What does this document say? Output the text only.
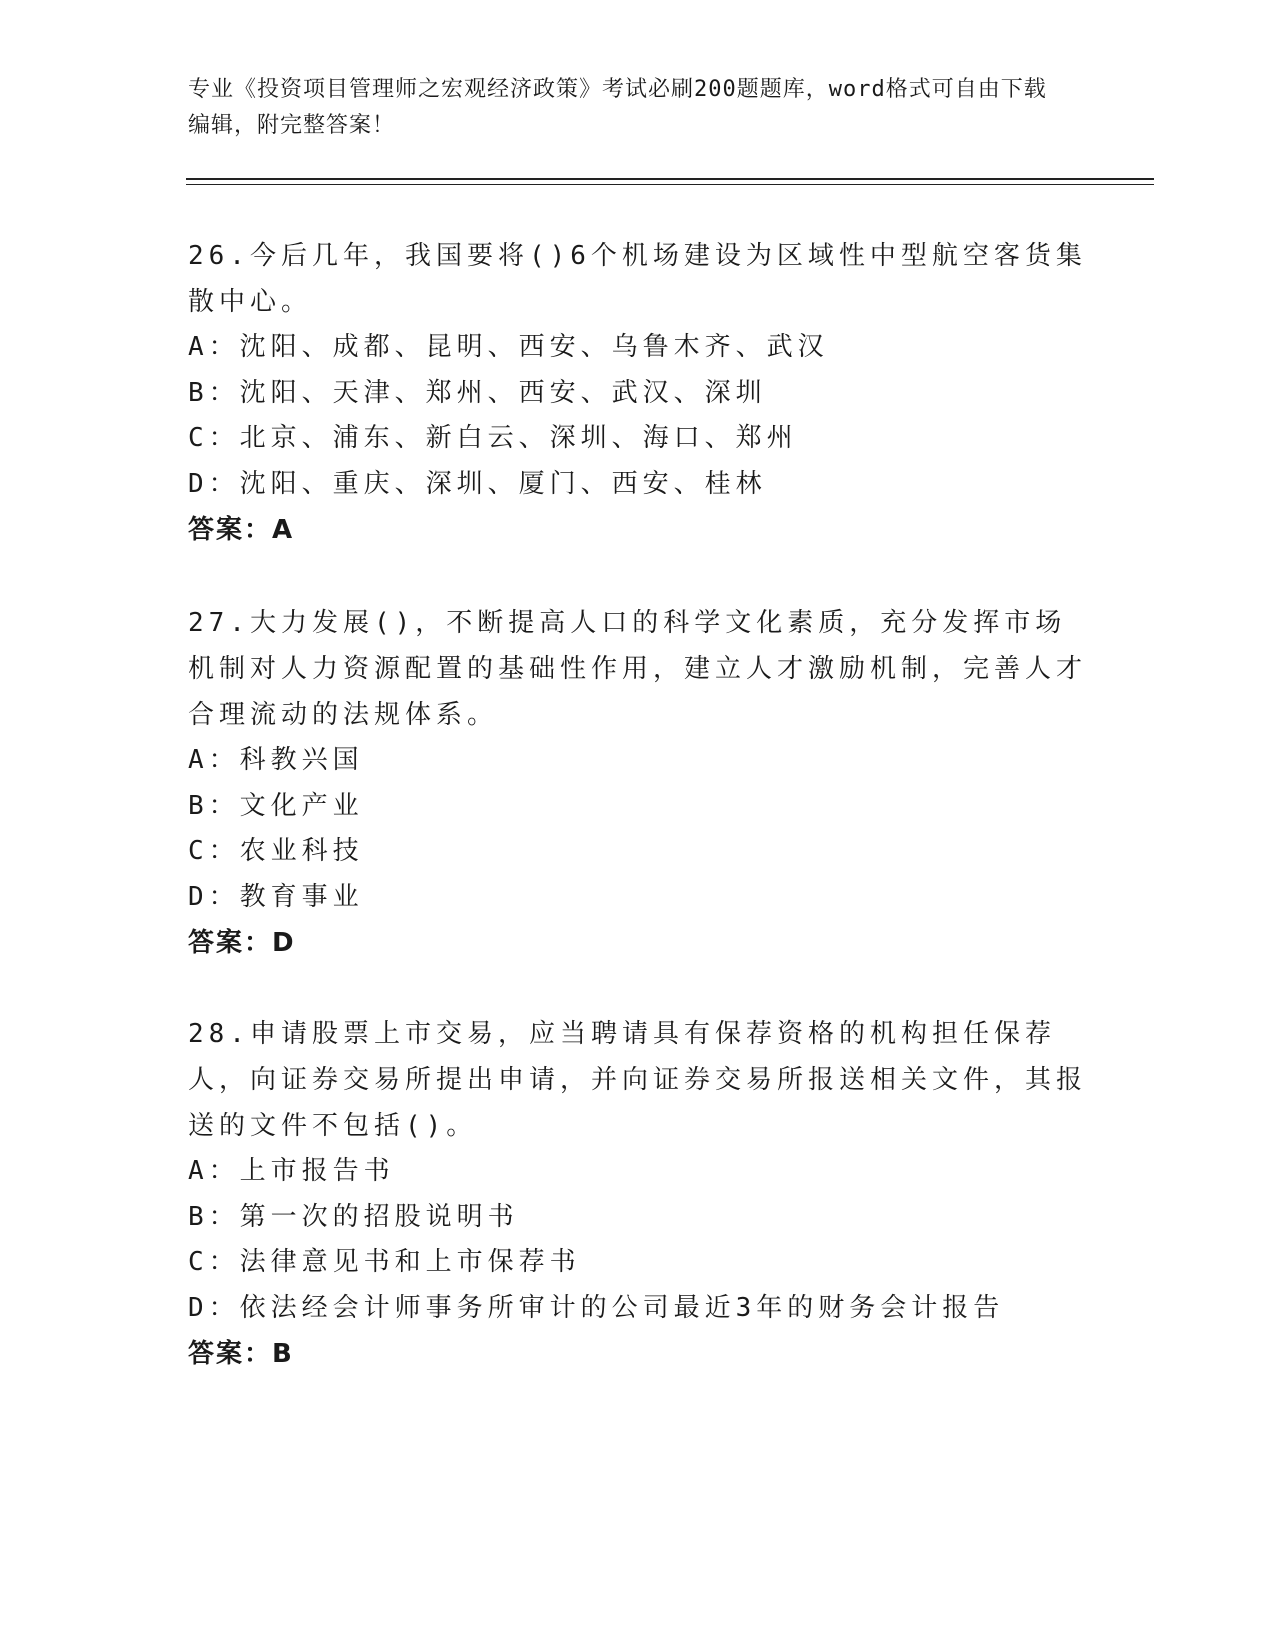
专业《投资项目管理师之宏观经济政策》考试必刷200题题库，word格式可自由下载编辑，附完整答案！

26.今后几年，我国要将()6个机场建设为区域性中型航空客货集散中心。

A：沈阳、成都、昆明、西安、乌鲁木齐、武汉

B：沈阳、天津、郑州、西安、武汉、深圳

C：北京、浦东、新白云、深圳、海口、郑州

D：沈阳、重庆、深圳、厦门、西安、桂林

答案：A

27.大力发展()，不断提高人口的科学文化素质，充分发挥市场机制对人力资源配置的基础性作用，建立人才激励机制，完善人才合理流动的法规体系。

A：科教兴国

B：文化产业

C：农业科技

D：教育事业

答案：D

28.申请股票上市交易，应当聘请具有保荐资格的机构担任保荐人，向证券交易所提出申请，并向证券交易所报送相关文件，其报送的文件不包括()。

A：上市报告书

B：第一次的招股说明书

C：法律意见书和上市保荐书

D：依法经会计师事务所审计的公司最近3年的财务会计报告

答案：B
